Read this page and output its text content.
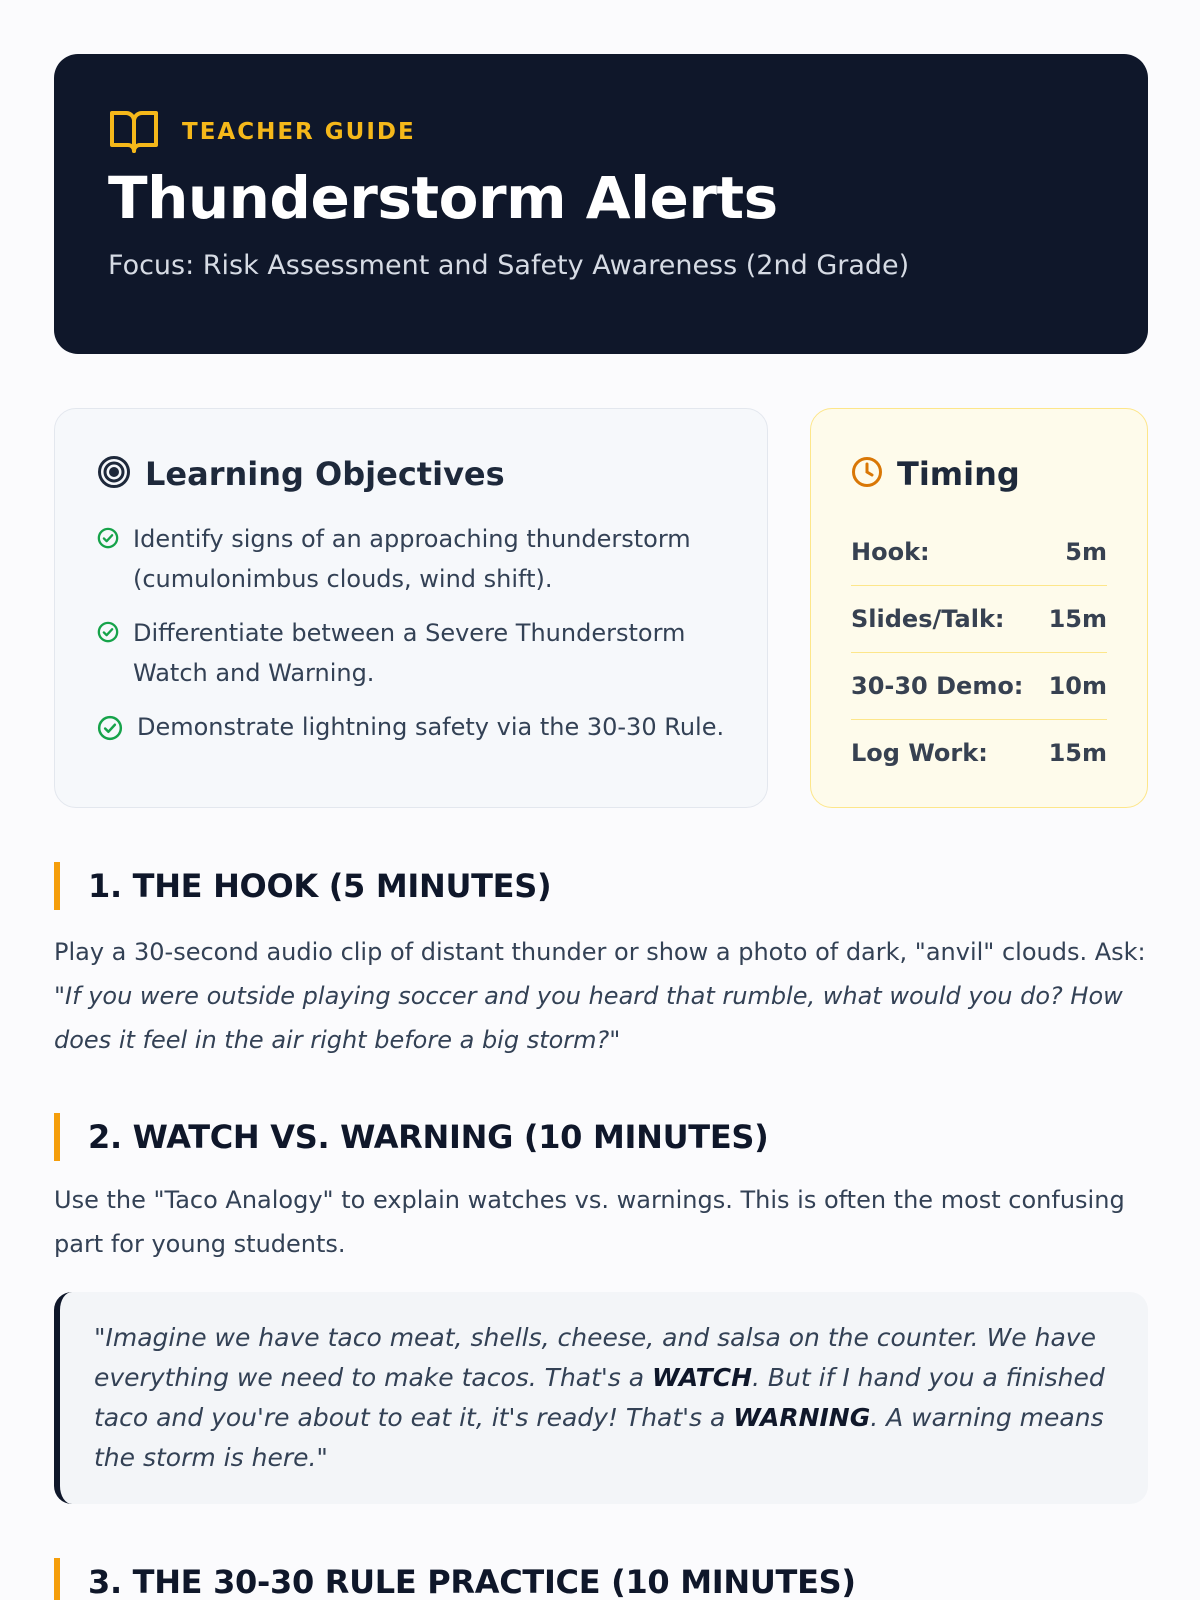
TEACHER GUIDE
Thunderstorm Alerts
Focus: Risk Assessment and Safety Awareness (2nd Grade)
Learning Objectives
Identify signs of an approaching thunderstorm (cumulonimbus clouds, wind shift).
Differentiate between a Severe Thunderstorm Watch and Warning.
Demonstrate lightning safety via the 30-30 Rule.
Timing
Hook:	5m
Slides/Talk: 15m
30-30 Demo: 10m
Log Work:	15m
1. THE HOOK (5 MINUTES)
Play a 30-second audio clip of distant thunder or show a photo of dark, "anvil" clouds. Ask: "If you were outside playing soccer and you heard that rumble, what would you do? How does it feel in the air right before a big storm?"
2. WATCH VS. WARNING (10 MINUTES)
Use the "Taco Analogy" to explain watches vs. warnings. This is often the most confusing part for young students.
"Imagine we have taco meat, shells, cheese, and salsa on the counter. We have everything we need to make tacos. That's a WATCH. But if I hand you a finished taco and you're about to eat it, it's ready! That's a WARNING. A warning means the storm is here."
3. THE 30-30 RULE PRACTICE (10 MINUTES)
